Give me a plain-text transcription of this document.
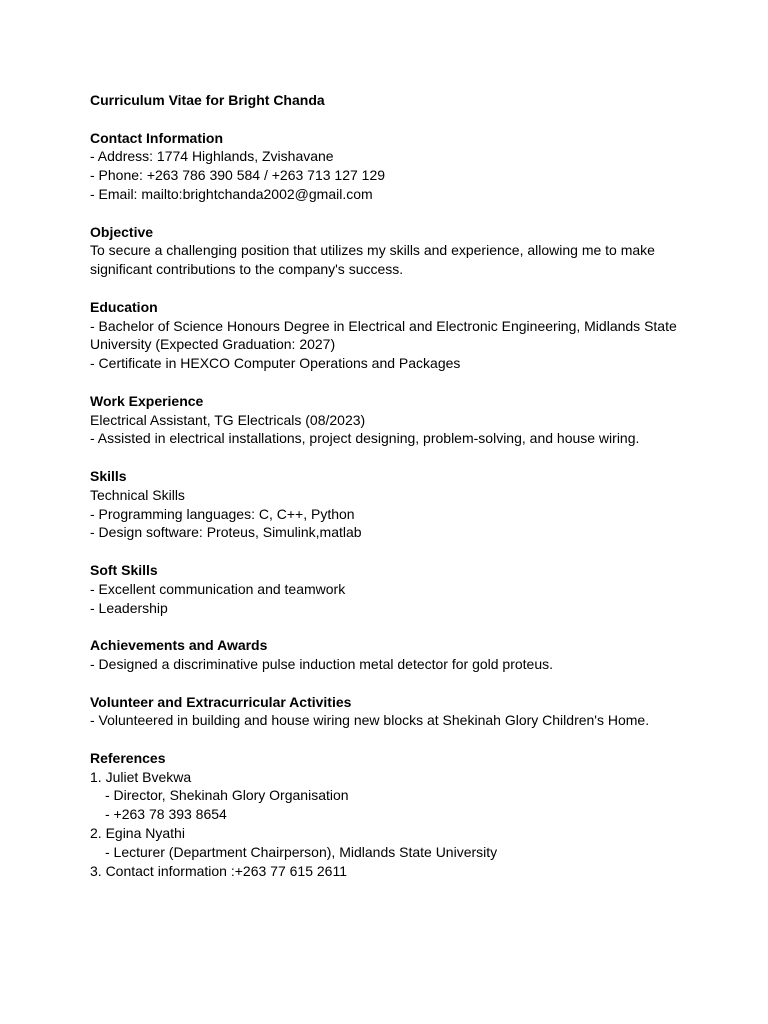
Curriculum Vitae for Bright Chanda
Contact Information
- Address: 1774 Highlands, Zvishavane
- Phone: +263 786 390 584 / +263 713 127 129
- Email: mailto:brightchanda2002@gmail.com
Objective
To secure a challenging position that utilizes my skills and experience, allowing me to make
significant contributions to the company's success.
Education
- Bachelor of Science Honours Degree in Electrical and Electronic Engineering, Midlands State
University (Expected Graduation: 2027)
- Certificate in HEXCO Computer Operations and Packages
Work Experience
Electrical Assistant, TG Electricals (08/2023)
- Assisted in electrical installations, project designing, problem-solving, and house wiring.
Skills
Technical Skills
- Programming languages: C, C++, Python
- Design software: Proteus, Simulink,matlab
Soft Skills
- Excellent communication and teamwork
- Leadership
Achievements and Awards
- Designed a discriminative pulse induction metal detector for gold proteus.
Volunteer and Extracurricular Activities
- Volunteered in building and house wiring new blocks at Shekinah Glory Children's Home.
References
1. Juliet Bvekwa
- Director, Shekinah Glory Organisation
- +263 78 393 8654
2. Egina Nyathi
- Lecturer (Department Chairperson), Midlands State University
3. Contact information :+263 77 615 2611
